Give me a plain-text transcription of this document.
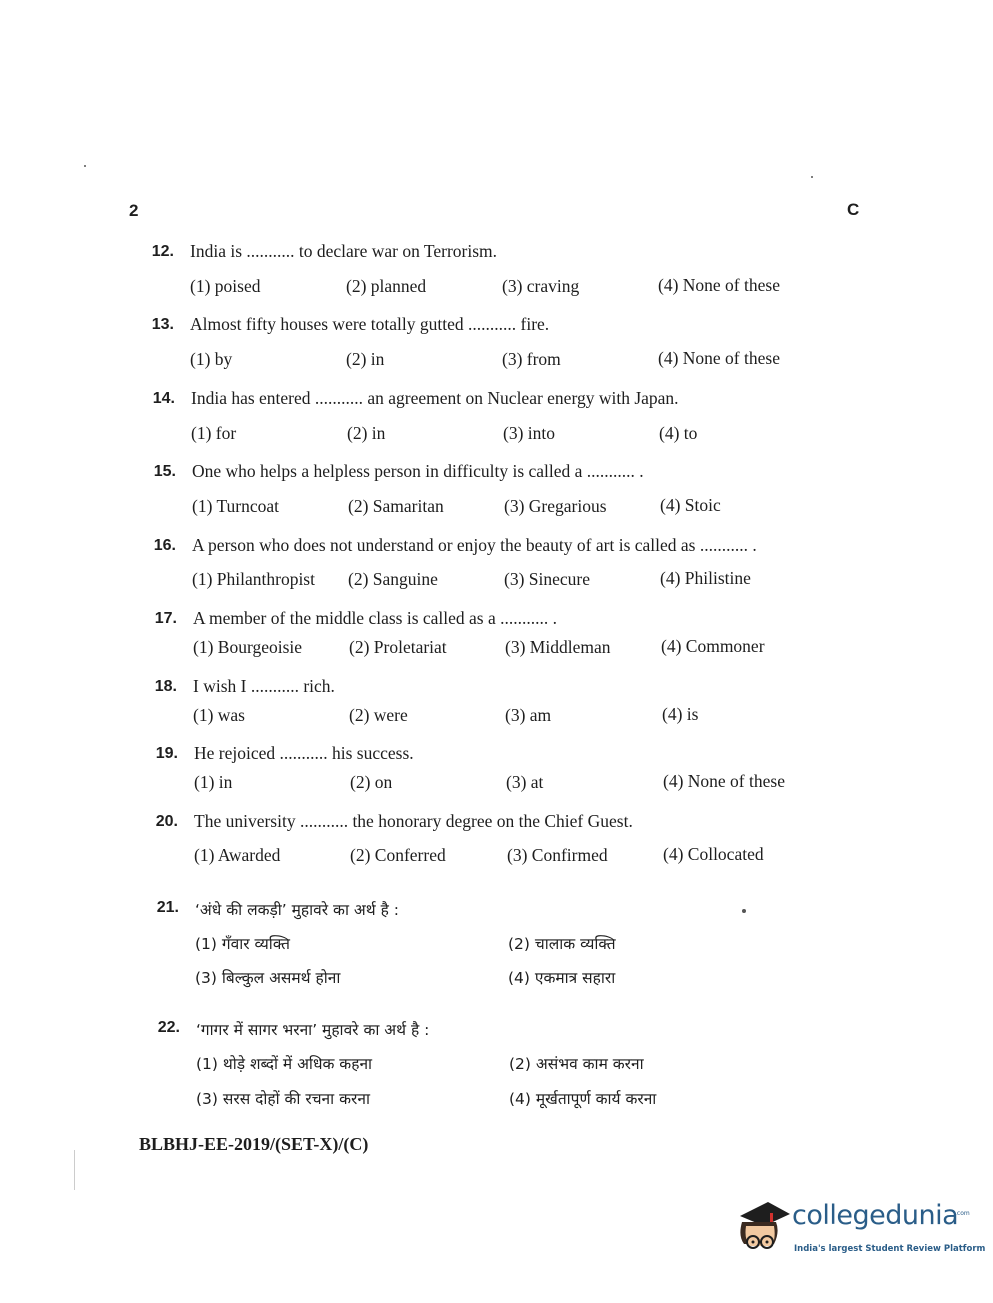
2	C
12. India is ........... to declare war on Terrorism.
(1) poised	(2) planned	(3) craving	(4) None of these
13. Almost fifty houses were totally gutted ........... fire.
(1) by	(2) in	(3) from	(4) None of these
14. India has entered ........... an agreement on Nuclear energy with Japan.
(1) for	(2) in	(3) into	(4) to
15. One who helps a helpless person in difficulty is called a ........... .
(1) Turncoat	(2) Samaritan	(3) Gregarious	(4) Stoic
16. A person who does not understand or enjoy the beauty of art is called as ........... .
(1) Philanthropist (2) Sanguine	(3) Sinecure	(4) Philistine
17. A member of the middle class is called as a ........... .
(1) Bourgeoisie	(2) Proletariat	(3) Middleman	(4) Commoner
18. I wish I ........... rich.
(1) was	(2) were	(3) am	(4) is
19. He rejoiced ........... his success.
(1) in	(2) on	(3) at	(4) None of these
20. The university ........... the honorary degree on the Chief Guest.
(1) Awarded	(2) Conferred	(3) Confirmed	(4) Collocated
21. ‘अंधे की लकड़ी’ मुहावरे का अर्थ है :
(1) गँवार व्यक्ति	(2) चालाक व्यक्ति
(3) बिल्कुल असमर्थ होना	(4) एकमात्र सहारा
22. ‘गागर में सागर भरना’ मुहावरे का अर्थ है :
(1) थोड़े शब्दों में अधिक कहना	(2) असंभव काम करना
(3) सरस दोहों की रचना करना	(4) मूर्खतापूर्ण कार्य करना
BLBHJ-EE-2019/(SET-X)/(C)
collegedunia
.com
India's largest Student Review Platform
